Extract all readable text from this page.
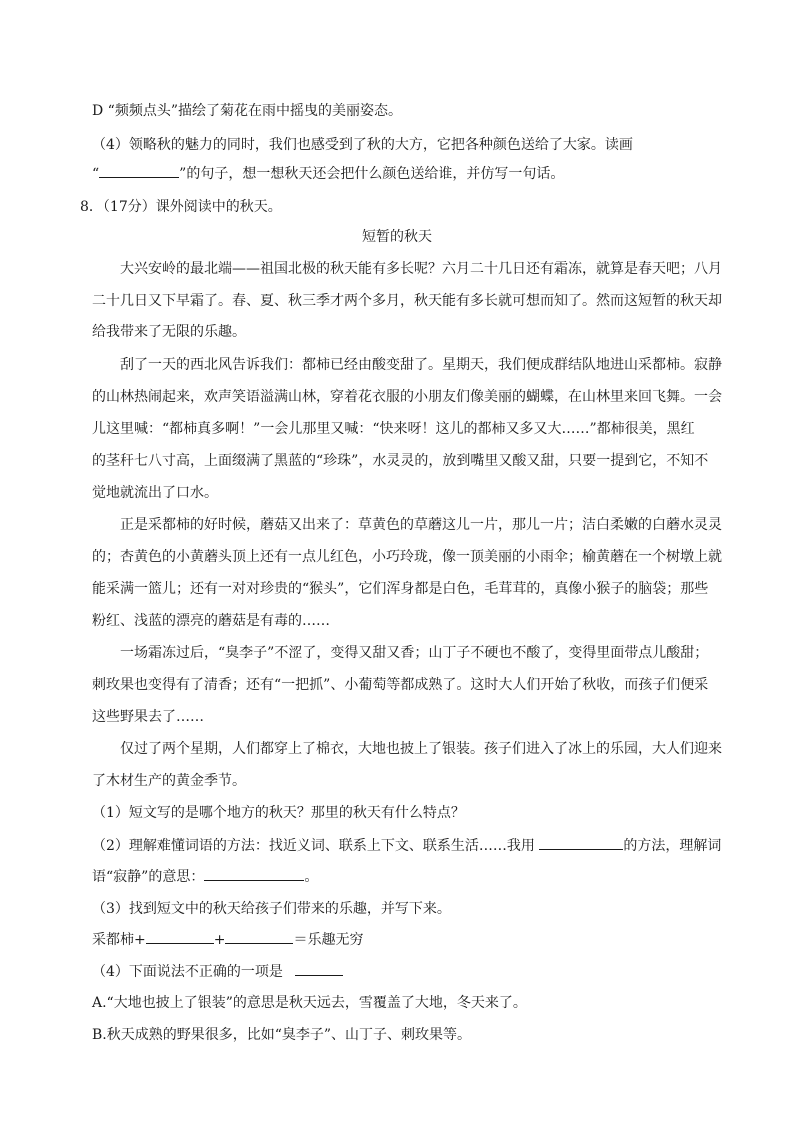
D “频频点头”描绘了菊花在雨中摇曳的美丽姿态。
（4）领略秋的魅力的同时，我们也感受到了秋的大方，它把各种颜色送给了大家。读画
“	”的句子，想一想秋天还会把什么颜色送给谁，并仿写一句话。
8．（17分）课外阅读中的秋天。
短暂的秋天
大兴安岭的最北端——祖国北极的秋天能有多长呢？六月二十几日还有霜冻，就算是春天吧；八月
二十几日又下早霜了。春、夏、秋三季才两个多月，秋天能有多长就可想而知了。然而这短暂的秋天却
给我带来了无限的乐趣。
刮了一天的西北风告诉我们：都柿已经由酸变甜了。星期天，我们便成群结队地进山采都柿。寂静
的山林热闹起来，欢声笑语溢满山林，穿着花衣服的小朋友们像美丽的蝴蝶，在山林里来回飞舞。一会
儿这里喊：“都柿真多啊！”一会儿那里又喊：“快来呀！这儿的都柿又多又大……”都柿很美，黑红
的茎秆七八寸高，上面缀满了黑蓝的“珍珠”，水灵灵的，放到嘴里又酸又甜，只要一提到它，不知不
觉地就流出了口水。
正是采都柿的好时候，蘑菇又出来了：草黄色的草蘑这儿一片，那儿一片；洁白柔嫩的白蘑水灵灵
的；杏黄色的小黄蘑头顶上还有一点儿红色，小巧玲珑，像一顶美丽的小雨伞；榆黄蘑在一个树墩上就
能采满一篮儿；还有一对对珍贵的“猴头”，它们浑身都是白色，毛茸茸的，真像小猴子的脑袋；那些
粉红、浅蓝的漂亮的蘑菇是有毒的……
一场霜冻过后，“臭李子”不涩了，变得又甜又香；山丁子不硬也不酸了，变得里面带点儿酸甜；
刺玫果也变得有了清香；还有“一把抓”、小葡萄等都成熟了。这时大人们开始了秋收，而孩子们便采
这些野果去了……
仅过了两个星期，人们都穿上了棉衣，大地也披上了银装。孩子们进入了冰上的乐园，大人们迎来
了木材生产的黄金季节。
（1）短文写的是哪个地方的秋天？那里的秋天有什么特点？
（2）理解难懂词语的方法：找近义词、联系上下文、联系生活……我用	的方法，理解词
语“寂静”的意思：	。
（3）找到短文中的秋天给孩子们带来的乐趣，并写下来。
采都柿+	+	＝乐趣无穷
（4）下面说法不正确的一项是
A.“大地也披上了银装”的意思是秋天远去，雪覆盖了大地，冬天来了。
B.秋天成熟的野果很多，比如“臭李子”、山丁子、刺玫果等。
